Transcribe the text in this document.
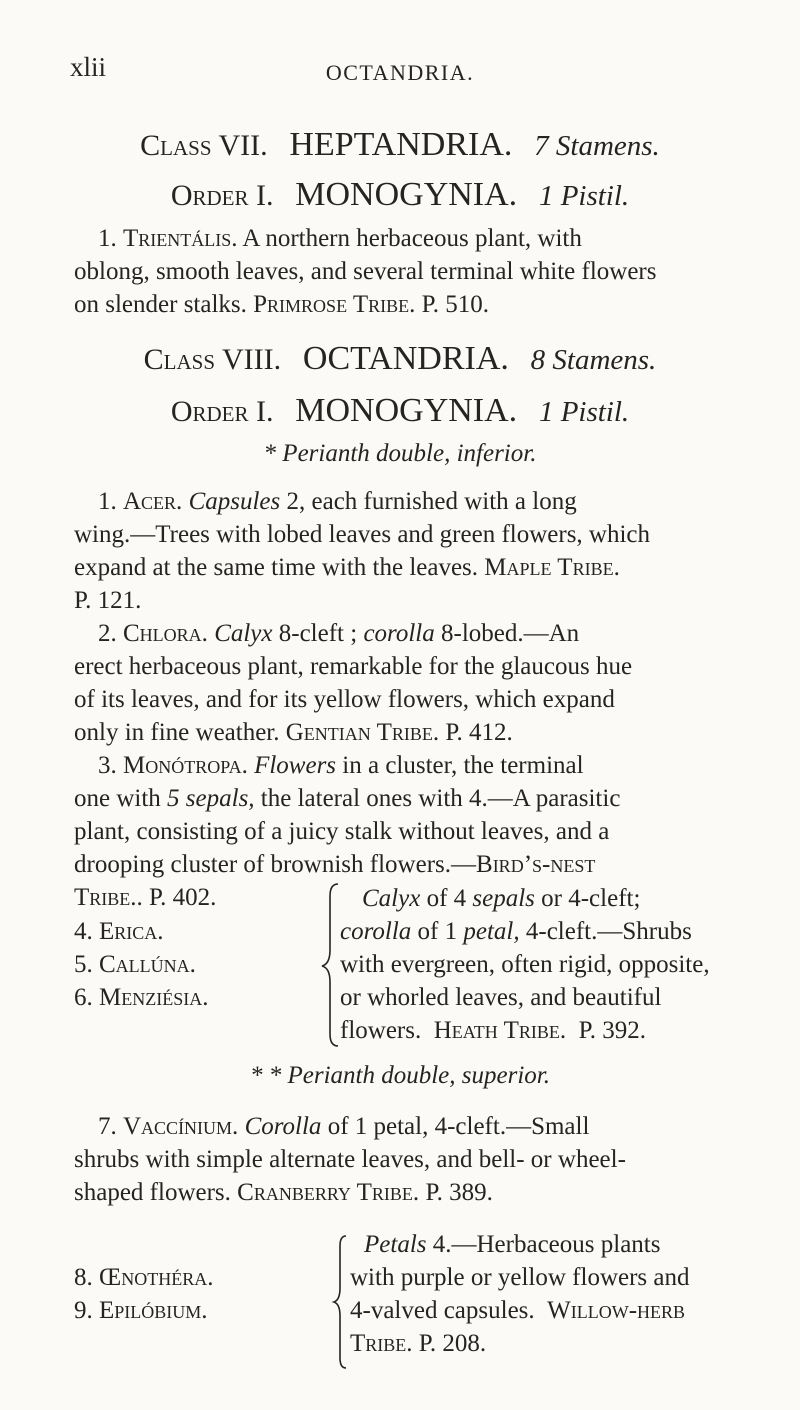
xlii	OCTANDRIA.
Class VII. HEPTANDRIA. 7 Stamens.
Order I. MONOGYNIA. 1 Pistil.
1. Trientális. A northern herbaceous plant, with
oblong, smooth leaves, and several terminal white flowers
on slender stalks. Primrose Tribe. P. 510.
Class VIII. OCTANDRIA. 8 Stamens.
Order I. MONOGYNIA. 1 Pistil.
* Perianth double, inferior.
1. Acer. Capsules 2, each furnished with a long
wing.—Trees with lobed leaves and green flowers, which
expand at the same time with the leaves. Maple Tribe.
P. 121.
2. Chlora. Calyx 8-cleft ; corolla 8-lobed.—An
erect herbaceous plant, remarkable for the glaucous hue
of its leaves, and for its yellow flowers, which expand
only in fine weather. Gentian Tribe. P. 412.
3. Monótropa. Flowers in a cluster, the terminal
one with 5 sepals, the lateral ones with 4.—A parasitic
plant, consisting of a juicy stalk without leaves, and a
drooping cluster of brownish flowers.—Bird’s-nest
Tribe.. P. 402.
4. Erica.
5. Callúna.
6. Menziésia.
Calyx of 4 sepals or 4-cleft;
corolla of 1 petal, 4-cleft.—Shrubs
with evergreen, often rigid, opposite,
or whorled leaves, and beautiful
flowers. Heath Tribe. P. 392.
* * Perianth double, superior.
7. Vaccínium. Corolla of 1 petal, 4-cleft.—Small
shrubs with simple alternate leaves, and bell- or wheel-
shaped flowers. Cranberry Tribe. P. 389.
8. Œnothéra.
9. Epilóbium.
Petals 4.—Herbaceous plants
with purple or yellow flowers and
4-valved capsules. Willow-herb
Tribe. P. 208.
